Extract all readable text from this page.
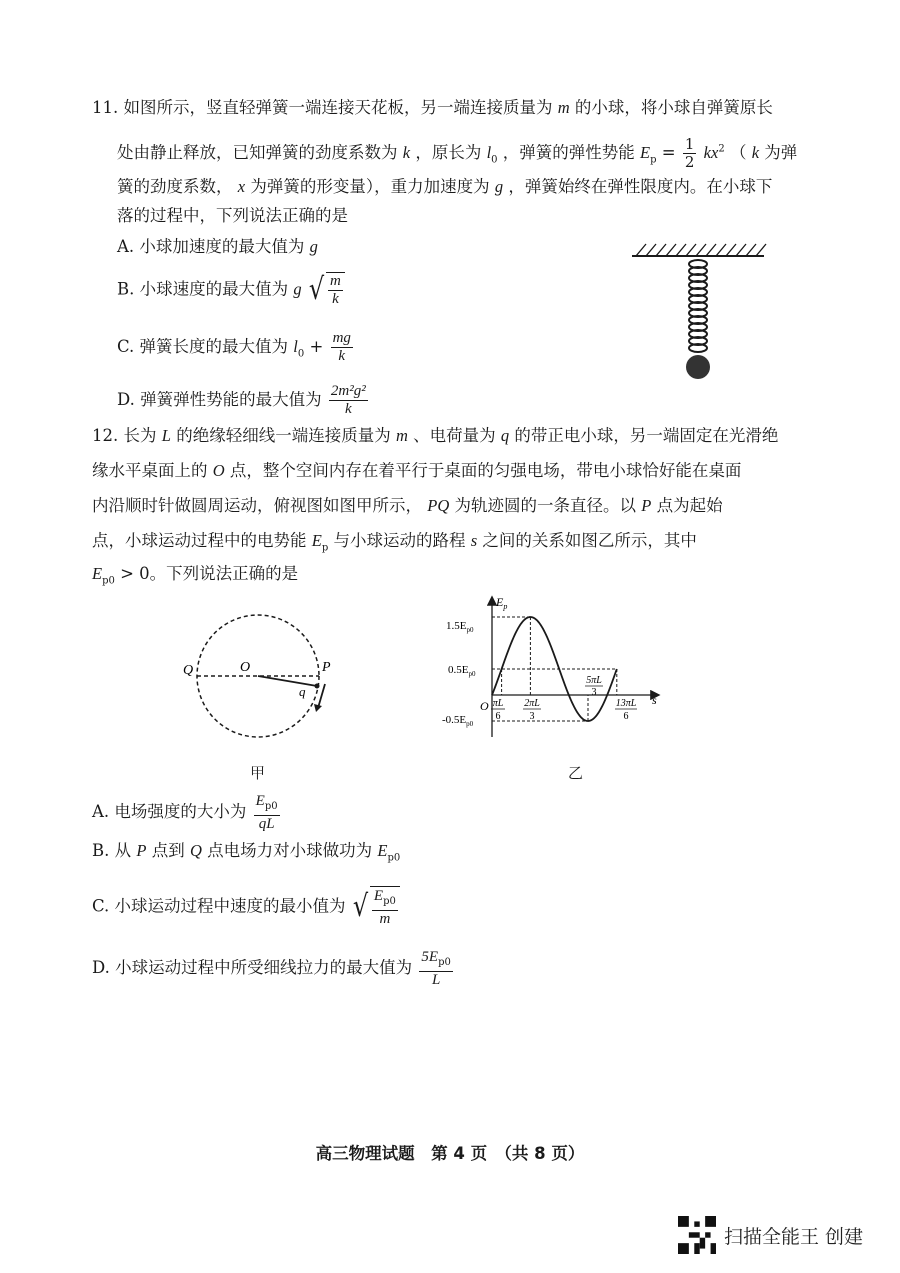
11. 如图所示，竖直轻弹簧一端连接天花板，另一端连接质量为 m 的小球，将小球自弹簧原长
处由静止释放，已知弹簧的劲度系数为 k ，原长为 $l_0$ ，弹簧的弹性势能 $E_p = \frac{1}{2} kx^2$ （ k 为弹
簧的劲度系数， x 为弹簧的形变量），重力加速度为 g ，弹簧始终在弹性限度内。在小球下
落的过程中，下列说法正确的是
A. 小球加速度的最大值为 g
B. 小球速度的最大值为 g √ $\frac{m}{k}$
C. 弹簧长度的最大值为 $l_0 + \frac{mg}{k}$
D. 弹簧弹性势能的最大值为 $\frac{\text{2m²g²}}{k}$
12. 长为 L 的绝缘轻细线一端连接质量为 m 、电荷量为 q 的带正电小球，另一端固定在光滑绝
缘水平桌面上的 O 点，整个空间内存在着平行于桌面的匀强电场，带电小球恰好能在桌面
内沿顺时针做圆周运动，俯视图如图甲所示， PQ 为轨迹圆的一条直径。以 P 点为起始
点，小球运动过程中的电势能 $E_p$ 与小球运动的路程 s 之间的关系如图乙所示，其中
$E_{p0} > 0$。下列说法正确的是
Q	O	P
q
甲
$E_p$
s
O
$1.5E_{p0}$
$0.5E_{p0}$
$-0.5E_{p0}$
πL
6
2πL
3
5πL
3
13πL
6
乙
A. 电场强度的大小为 $\frac{E_{p0}}{qL}$
B. 从 P 点到 Q 点电场力对小球做功为 $E_{p0}$
C. 小球运动过程中速度的最小值为 √ $\frac{E_{p0}}{m}$
D. 小球运动过程中所受细线拉力的最大值为 $\frac{5E_{p0}}{L}$
高三物理试题　第 4 页　（共 8 页）
扫描全能王 创建
